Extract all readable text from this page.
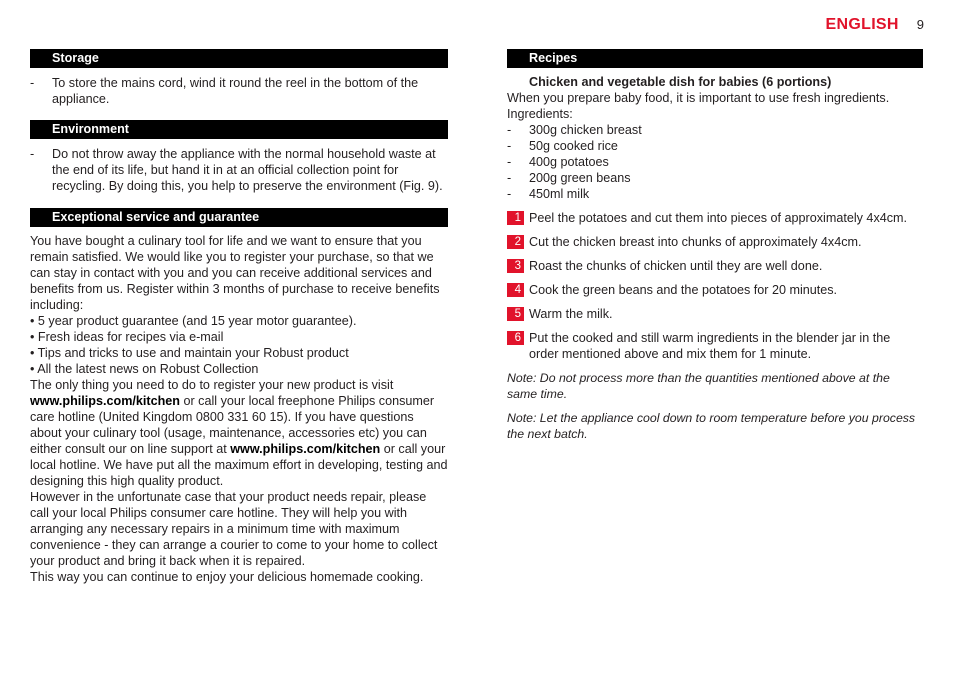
ENGLISH 9
Storage
- To store the mains cord, wind it round the reel in the bottom of the appliance.
Environment
- Do not throw away the appliance with the normal household waste at the end of its life, but hand it in at an official collection point for recycling. By doing this, you help to preserve the environment (Fig. 9).
Exceptional service and guarantee

You have bought a culinary tool for life and we want to ensure that you remain satisfied. We would like you to register your purchase, so that we can stay in contact with you and you can receive additional services and benefits from us. Register within 3 months of purchase to receive benefits including:

• 5 year product guarantee (and 15 year motor guarantee).

• Fresh ideas for recipes via e-mail

• Tips and tricks to use and maintain your Robust product

• All the latest news on Robust Collection

The only thing you need to do to register your new product is visit
www.philips.com/kitchen or call your local freephone Philips consumer care hotline (United Kingdom 0800 331 60 15). If you have questions about your culinary tool (usage, maintenance, accessories etc) you can either consult our on line support at www.philips.com/kitchen or call your local hotline. We have put all the maximum effort in developing, testing and designing this high quality product.

However in the unfortunate case that your product needs repair, please call your local Philips consumer care hotline. They will help you with arranging any necessary repairs in a minimum time with maximum convenience - they can arrange a courier to come to your home to collect your product and bring it back when it is repaired.

This way you can continue to enjoy your delicious homemade cooking.

Recipes
Chicken and vegetable dish for babies (6 portions)

When you prepare baby food, it is important to use fresh ingredients.

Ingredients:

- 300g chicken breast
- 50g cooked rice
- 400g potatoes
- 200g green beans
- 450ml milk
1 Peel the potatoes and cut them into pieces of approximately 4x4cm.
2 Cut the chicken breast into chunks of approximately 4x4cm.
3 Roast the chunks of chicken until they are well done.
4 Cook the green beans and the potatoes for 20 minutes.
5 Warm the milk.
6 Put the cooked and still warm ingredients in the blender jar in the order mentioned above and mix them for 1 minute.

Note: Do not process more than the quantities mentioned above at the same time.

Note: Let the appliance cool down to room temperature before you process the next batch.
